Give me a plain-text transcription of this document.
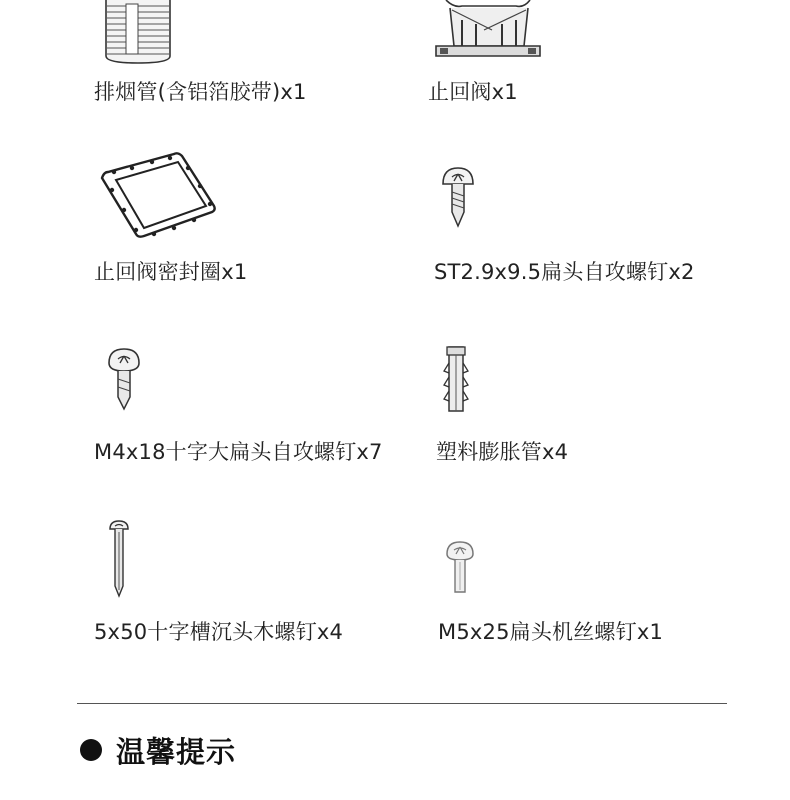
排烟管(含铝箔胶带)x1	止回阀x1
止回阀密封圈x1	ST2.9x9.5扁头自攻螺钉x2
M4x18十字大扁头自攻螺钉x7	塑料膨胀管x4
5x50十字槽沉头木螺钉x4	M5x25扁头机丝螺钉x1
温馨提示
